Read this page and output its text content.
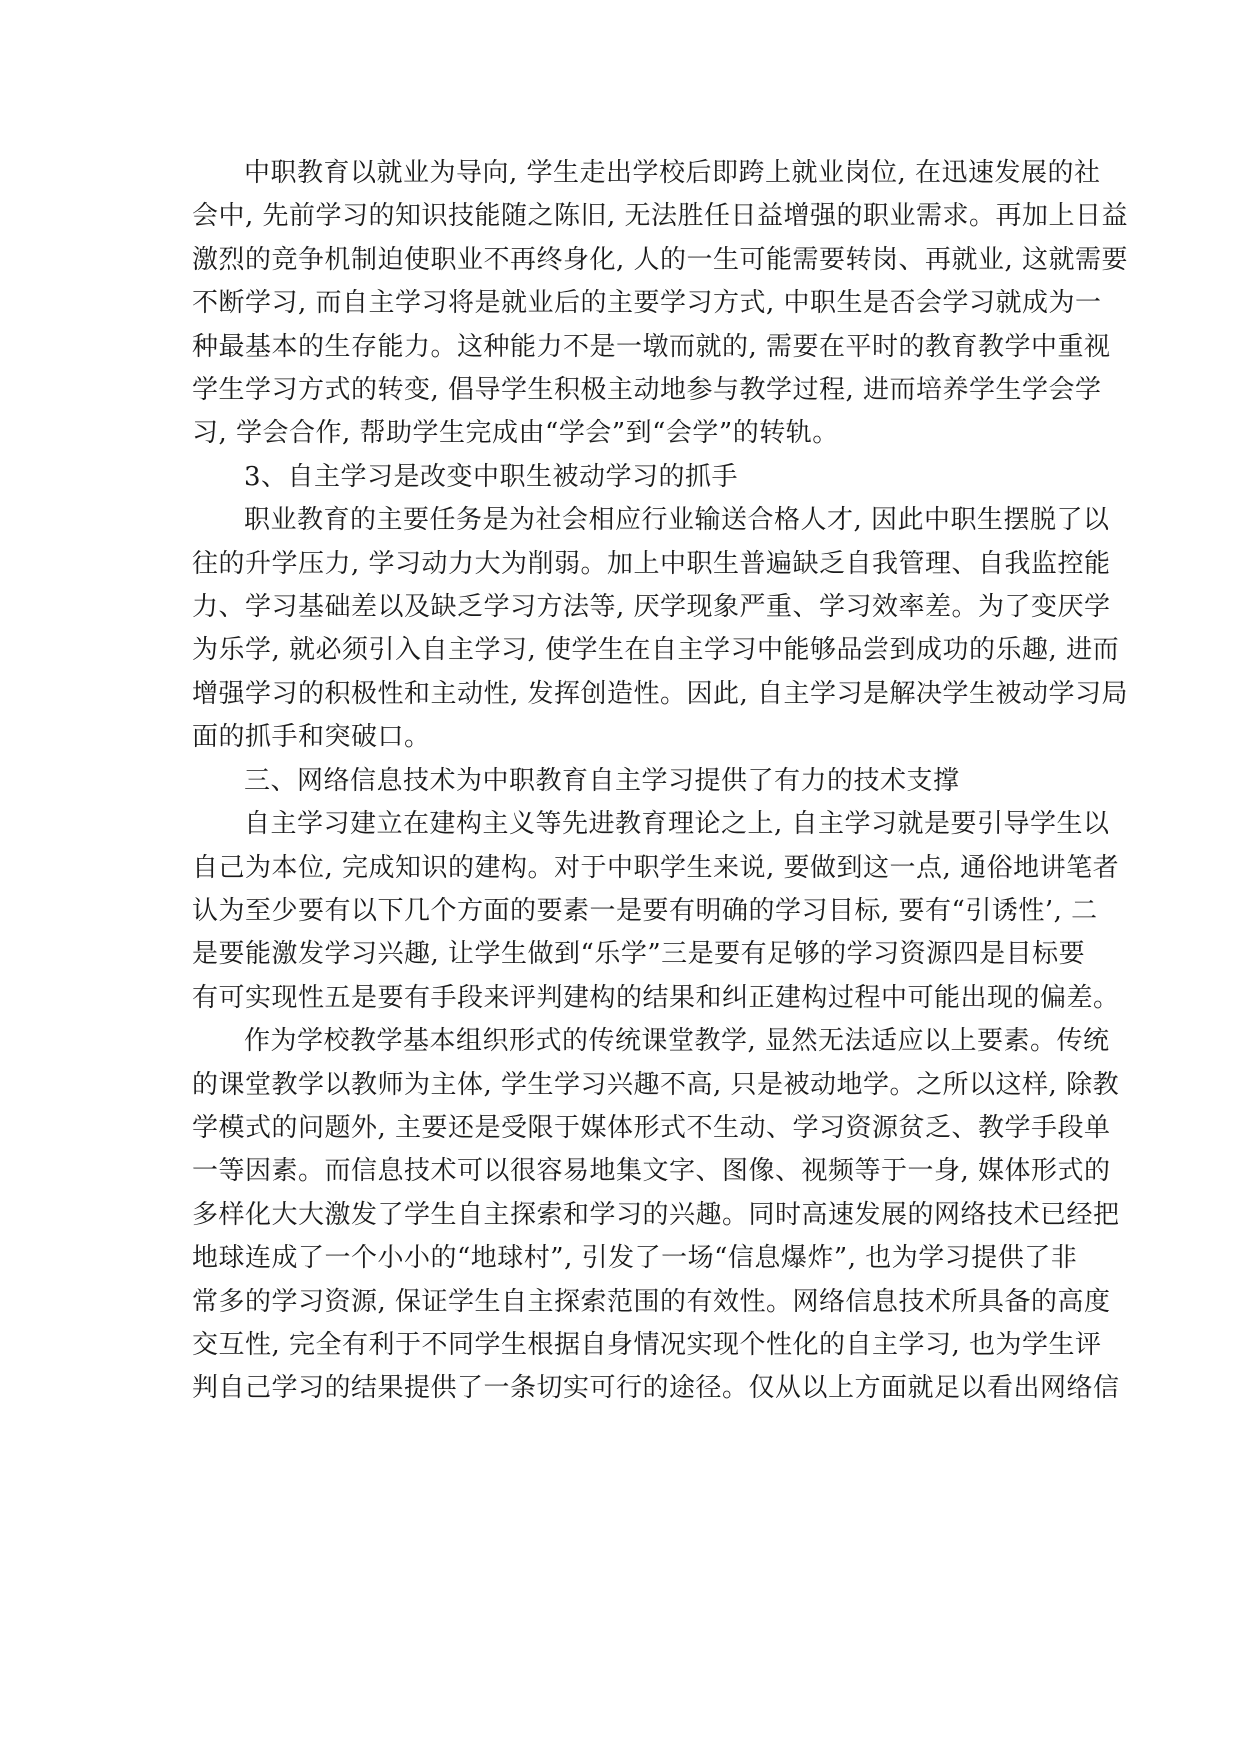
中职教育以就业为导向, 学生走出学校后即跨上就业岗位, 在迅速发展的社
会中, 先前学习的知识技能随之陈旧, 无法胜任日益增强的职业需求。再加上日益
激烈的竞争机制迫使职业不再终身化, 人的一生可能需要转岗、再就业, 这就需要
不断学习, 而自主学习将是就业后的主要学习方式, 中职生是否会学习就成为一
种最基本的生存能力。这种能力不是一墩而就的, 需要在平时的教育教学中重视
学生学习方式的转变, 倡导学生积极主动地参与教学过程, 进而培养学生学会学
习, 学会合作, 帮助学生完成由“学会”到“会学”的转轨。
3、自主学习是改变中职生被动学习的抓手
职业教育的主要任务是为社会相应行业输送合格人才, 因此中职生摆脱了以
往的升学压力, 学习动力大为削弱。加上中职生普遍缺乏自我管理、自我监控能
力、学习基础差以及缺乏学习方法等, 厌学现象严重、学习效率差。为了变厌学
为乐学, 就必须引入自主学习, 使学生在自主学习中能够品尝到成功的乐趣, 进而
增强学习的积极性和主动性, 发挥创造性。因此, 自主学习是解决学生被动学习局
面的抓手和突破口。
三、网络信息技术为中职教育自主学习提供了有力的技术支撑
自主学习建立在建构主义等先进教育理论之上, 自主学习就是要引导学生以
自己为本位, 完成知识的建构。对于中职学生来说, 要做到这一点, 通俗地讲笔者
认为至少要有以下几个方面的要素一是要有明确的学习目标, 要有“引诱性’, 二
是要能激发学习兴趣, 让学生做到“乐学”三是要有足够的学习资源四是目标要
有可实现性五是要有手段来评判建构的结果和纠正建构过程中可能出现的偏差。
作为学校教学基本组织形式的传统课堂教学, 显然无法适应以上要素。传统
的课堂教学以教师为主体, 学生学习兴趣不高, 只是被动地学。之所以这样, 除教
学模式的问题外, 主要还是受限于媒体形式不生动、学习资源贫乏、教学手段单
一等因素。而信息技术可以很容易地集文字、图像、视频等于一身, 媒体形式的
多样化大大激发了学生自主探索和学习的兴趣。同时高速发展的网络技术已经把
地球连成了一个小小的“地球村”, 引发了一场“信息爆炸”, 也为学习提供了非
常多的学习资源, 保证学生自主探索范围的有效性。网络信息技术所具备的高度
交互性, 完全有利于不同学生根据自身情况实现个性化的自主学习, 也为学生评
判自己学习的结果提供了一条切实可行的途径。仅从以上方面就足以看出网络信
